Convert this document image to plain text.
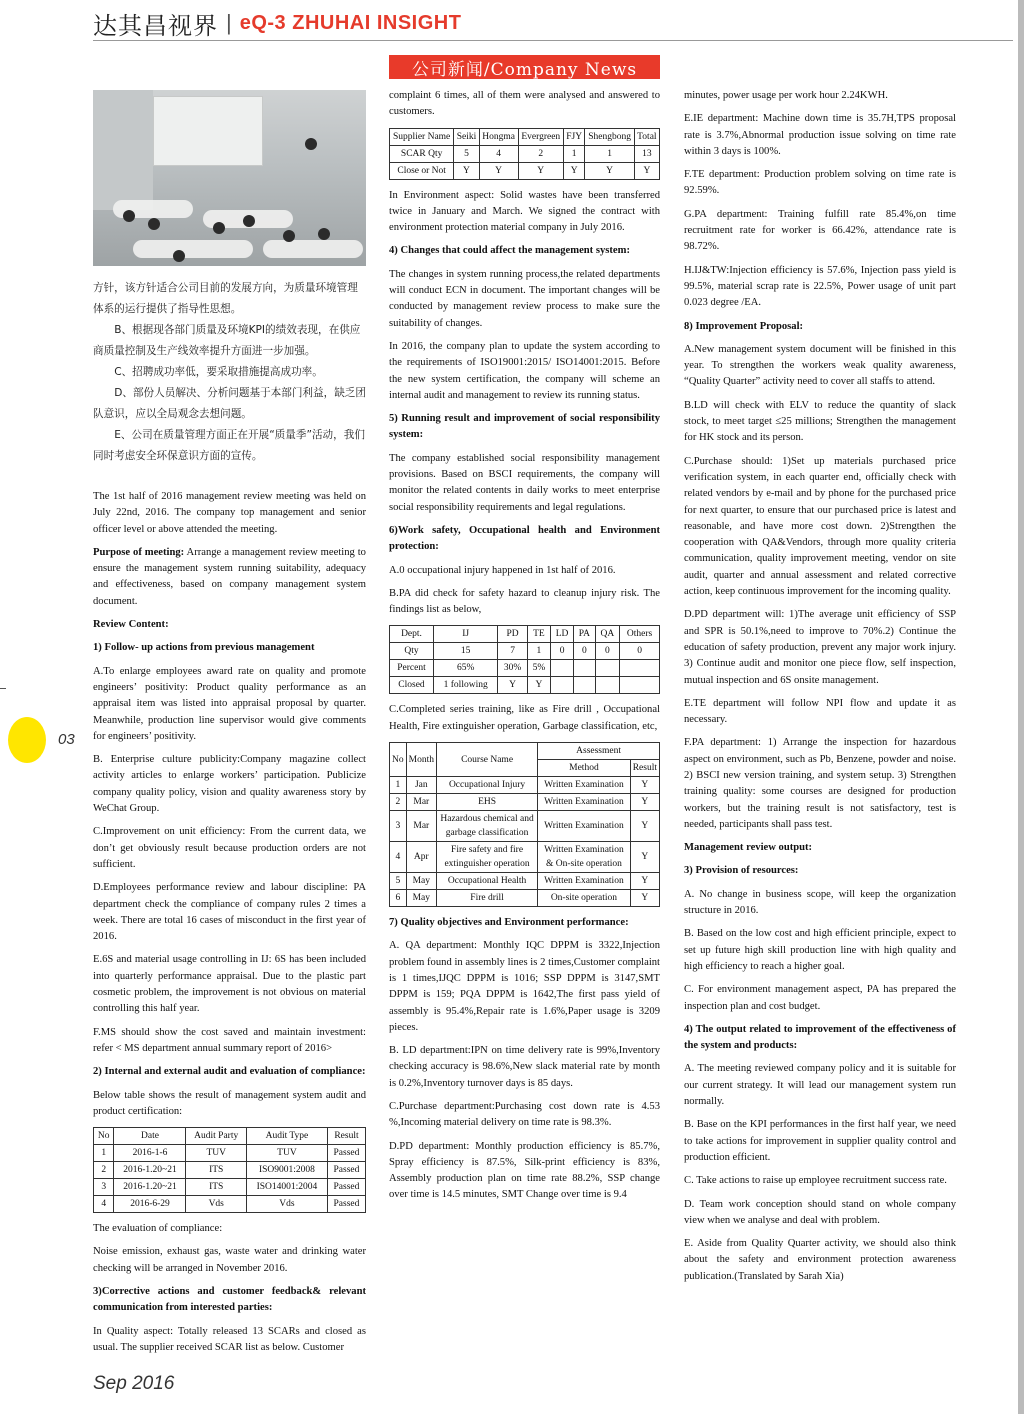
达其昌视界 | eQ-3 ZHUHAI INSIGHT
公司新闻/Company News

方针，该方针适合公司目前的发展方向，为质量环境管理体系的运行提供了指导性思想。

B、根据现各部门质量及环境KPI的绩效表现，在供应商质量控制及生产线效率提升方面进一步加强。

C、招聘成功率低，要采取措施提高成功率。

D、部份人员解决、分析问题基于本部门利益，缺乏团队意识，应以全局观念去想问题。

E、公司在质量管理方面正在开展“质量季”活动，我们同时考虑安全环保意识方面的宣传。

The 1st half of 2016 management review meeting was held on July 22nd, 2016. The company top management and senior officer level or above attended the meeting.

Purpose of meeting: Arrange a management review meeting to ensure the management system running suitability, adequacy and effectiveness, based on company management system document.

Review Content:

1) Follow- up actions from previous management

A.To enlarge employees award rate on quality and promote engineers’ positivity: Product quality performance as an appraisal item was listed into appraisal proposal by quarter. Meanwhile, production line supervisor would give comments for engineers’ positivity.

B. Enterprise culture publicity:Company magazine collect activity articles to enlarge workers’ participation. Publicize company quality policy, vision and quality awareness story by WeChat Group.

C.Improvement on unit efficiency: From the current data, we don’t get obviously result because production orders are not sufficient.

D.Employees performance review and labour discipline: PA department check the compliance of company rules 2 times a week. There are total 16 cases of misconduct in the first year of 2016.

E.6S and material usage controlling in IJ: 6S has been included into quarterly performance appraisal. Due to the plastic part cosmetic problem, the improvement is not obvious on material controlling this half year.

F.MS should show the cost saved and maintain investment: refer < MS department annual summary report of 2016>

2) Internal and external audit and evaluation of compliance:

Below table shows the result of management system audit and product certification:

No	Date	Audit Party	Audit Type	Result
1	2016-1-6	TUV	TUV	Passed
2	2016-1.20~21	ITS	ISO9001:2008	Passed
3	2016-1.20~21	ITS	ISO14001:2004	Passed
4	2016-6-29	Vds	Vds	Passed

The evaluation of compliance:

Noise emission, exhaust gas, waste water and drinking water checking will be arranged in November 2016.

3)Corrective actions and customer feedback& relevant communication from interested parties:

In Quality aspect: Totally released 13 SCARs and closed as usual. The supplier received SCAR list as below. Customer

complaint 6 times, all of them were analysed and answered to customers.

Supplier Name	Seiki	Hongma	Evergreen	FJY	Shengbong	Total
SCAR Qty	5	4	2	1	1	13
Close or Not	Y	Y	Y	Y	Y	Y

In Environment aspect: Solid wastes have been transferred twice in January and March. We signed the contract with environment protection material company in July 2016.

4) Changes that could affect the management system:

The changes in system running process,the related departments will conduct ECN in document. The important changes will be conducted by management review process to make sure the suitability of changes.

In 2016, the company plan to update the system according to the requirements of ISO19001:2015/ ISO14001:2015. Before the new system certification, the company will scheme an internal audit and management to review its running status.

5) Running result and improvement of social responsibility system:

The company established social responsibility management provisions. Based on BSCI requirements, the company will monitor the related contents in daily works to meet enterprise social responsibility requirements and legal regulations.

6)Work safety, Occupational health and Environment protection:

A.0 occupational injury happened in 1st half of 2016.

B.PA did check for safety hazard to cleanup injury risk. The findings list as below,

Dept.	IJ	PD	TE	LD	PA	QA	Others
Qty	15	7	1	0	0	0	0
Percent	65%	30%	5%				
Closed	1 following	Y	Y				

C.Completed series training, like as Fire drill , Occupational Health, Fire extinguisher operation, Garbage classification, etc,

No	Month	Course Name	Assessment	
			Method	Result
1	Jan	Occupational Injury	Written Examination	Y
2	Mar	EHS	Written Examination	Y
3	Mar	Hazardous chemical and garbage classification	Written Examination	Y
4	Apr	Fire safety and fire extinguisher operation	Written Examination & On-site operation	Y
5	May	Occupational Health	Written Examination	Y
6	May	Fire drill	On-site operation	Y

7) Quality objectives and Environment performance:

A. QA department: Monthly IQC DPPM is 3322,Injection problem found in assembly lines is 2 times,Customer complaint is 1 times,IJQC DPPM is 1016; SSP DPPM is 3147,SMT DPPM is 159; PQA DPPM is 1642,The first pass yield of assembly is 95.4%,Repair rate is 1.6%,Paper usage is 3209 pieces.

B. LD department:IPN on time delivery rate is 99%,Inventory checking accuracy is 98.6%,New slack material rate by month is 0.2%,Inventory turnover days is 85 days.

C.Purchase department:Purchasing cost down rate is 4.53 %,Incoming material delivery on time rate is 98.3%.

D.PD department: Monthly production efficiency is 85.7%, Spray efficiency is 87.5%, Silk-print efficiency is 83%, Assembly production plan on time rate 88.2%, SSP change over time is 14.5 minutes, SMT Change over time is 9.4

minutes, power usage per work hour 2.24KWH.

E.IE department: Machine down time is 35.7H,TPS proposal rate is 3.7%,Abnormal production issue solving on time rate within 3 days is 100%.

F.TE department: Production problem solving on time rate is 92.59%.

G.PA department: Training fulfill rate 85.4%,on time recruitment rate for worker is 66.42%, attendance rate is 98.72%.

H.IJ&TW:Injection efficiency is 57.6%, Injection pass yield is 99.5%, material scrap rate is 22.5%, Power usage of unit part 0.023 degree /EA.

8) Improvement Proposal:

A.New management system document will be finished in this year. To strengthen the workers weak quality awareness, “Quality Quarter” activity need to cover all staffs to attend.

B.LD will check with ELV to reduce the quantity of slack stock, to meet target ≤25 millions; Strengthen the management for HK stock and its person.

C.Purchase should: 1)Set up materials purchased price verification system, in each quarter end, officially check with related vendors by e-mail and by phone for the purchased price for next quarter, to ensure that our purchased price is latest and reasonable, and have more cost down. 2)Strengthen the cooperation with QA&Vendors, through more quality criteria communication, quality improvement meeting, vendor on site audit, quarter and annual assessment and related corrective action, keep continuous improvement for the incoming quality.

D.PD department will: 1)The average unit efficiency of SSP and SPR is 50.1%,need to improve to 70%.2) Continue the education of safety production, prevent any major work injury. 3) Continue audit and monitor one piece flow, self inspection, mutual inspection and 6S onsite management.

E.TE department will follow NPI flow and update it as necessary.

F.PA department: 1) Arrange the inspection for hazardous aspect on environment, such as Pb, Benzene, powder and noise. 2) BSCI new version training, and system setup. 3) Strengthen training quality: some courses are designed for production workers, but the training result is not satisfactory, test is needed, participants shall pass test.

Management review output:

3) Provision of resources:

A. No change in business scope, will keep the organization structure in 2016.

B. Based on the low cost and high efficient principle, expect to set up future high skill production line with high quality and high efficiency to reach a higher goal.

C. For environment management aspect, PA has prepared the inspection plan and cost budget.

4) The output related to improvement of the effectiveness of the system and products:

A. The meeting reviewed company policy and it is suitable for our current strategy. It will lead our management system run normally.

B. Base on the KPI performances in the first half year, we need to take actions for improvement in supplier quality control and production efficient.

C. Take actions to raise up employee recruitment success rate.

D. Team work conception should stand on whole company view when we analyse and deal with problem.

E. Aside from Quality Quarter activity, we should also think about the safety and environment protection awareness publication.(Translated by Sarah Xia)

03
Sep 2016
